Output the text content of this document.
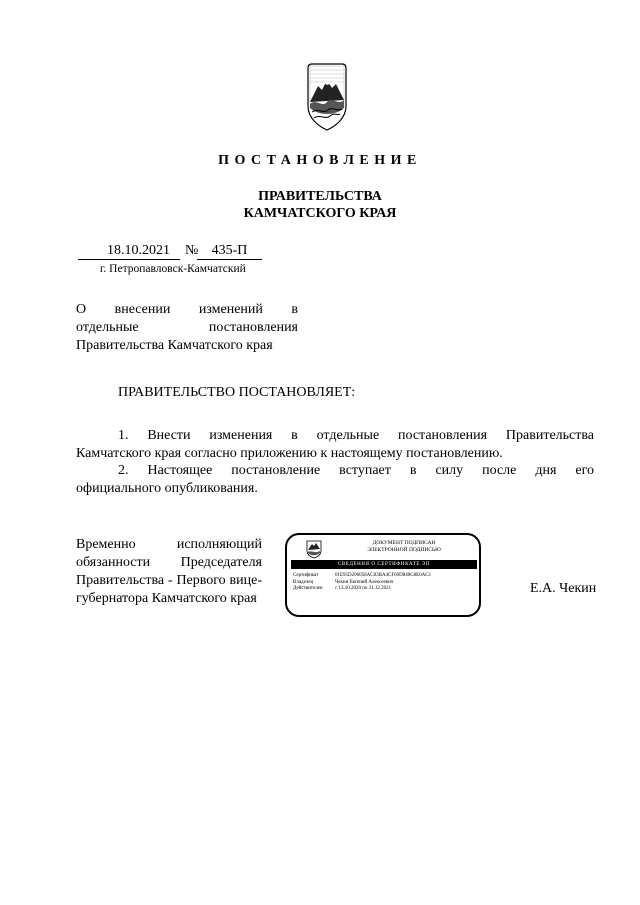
ПОСТАНОВЛЕНИЕ
ПРАВИТЕЛЬСТВА
КАМЧАТСКОГО КРАЯ
18.10.2021	№ 435-П
г. Петропавловск-Камчатский
О внесении изменений в
отдельные постановления
Правительства Камчатского края
ПРАВИТЕЛЬСТВО ПОСТАНОВЛЯЕТ:
1. Внести изменения в отдельные постановления Правительства
Камчатского края согласно приложению к настоящему постановлению.
2. Настоящее постановление вступает в силу после дня его
официального опубликования.
Временно исполняющий
обязанности Председателя
Правительства - Первого вице-
губернатора Камчатского края
ДОКУМЕНТ ПОДПИСАН
ЭЛЕКТРОННОЙ ПОДПИСЬЮ
СВЕДЕНИЯ О СЕРТИФИКАТЕ ЭП
Сертификат	01E95D206058AC83BA4CF69D840C8E0AC1
Владелец	Чекин Евгений Алексеевич
Действителен	с 13.10.2020 по 31.12.2021	Е.А. Чекин
